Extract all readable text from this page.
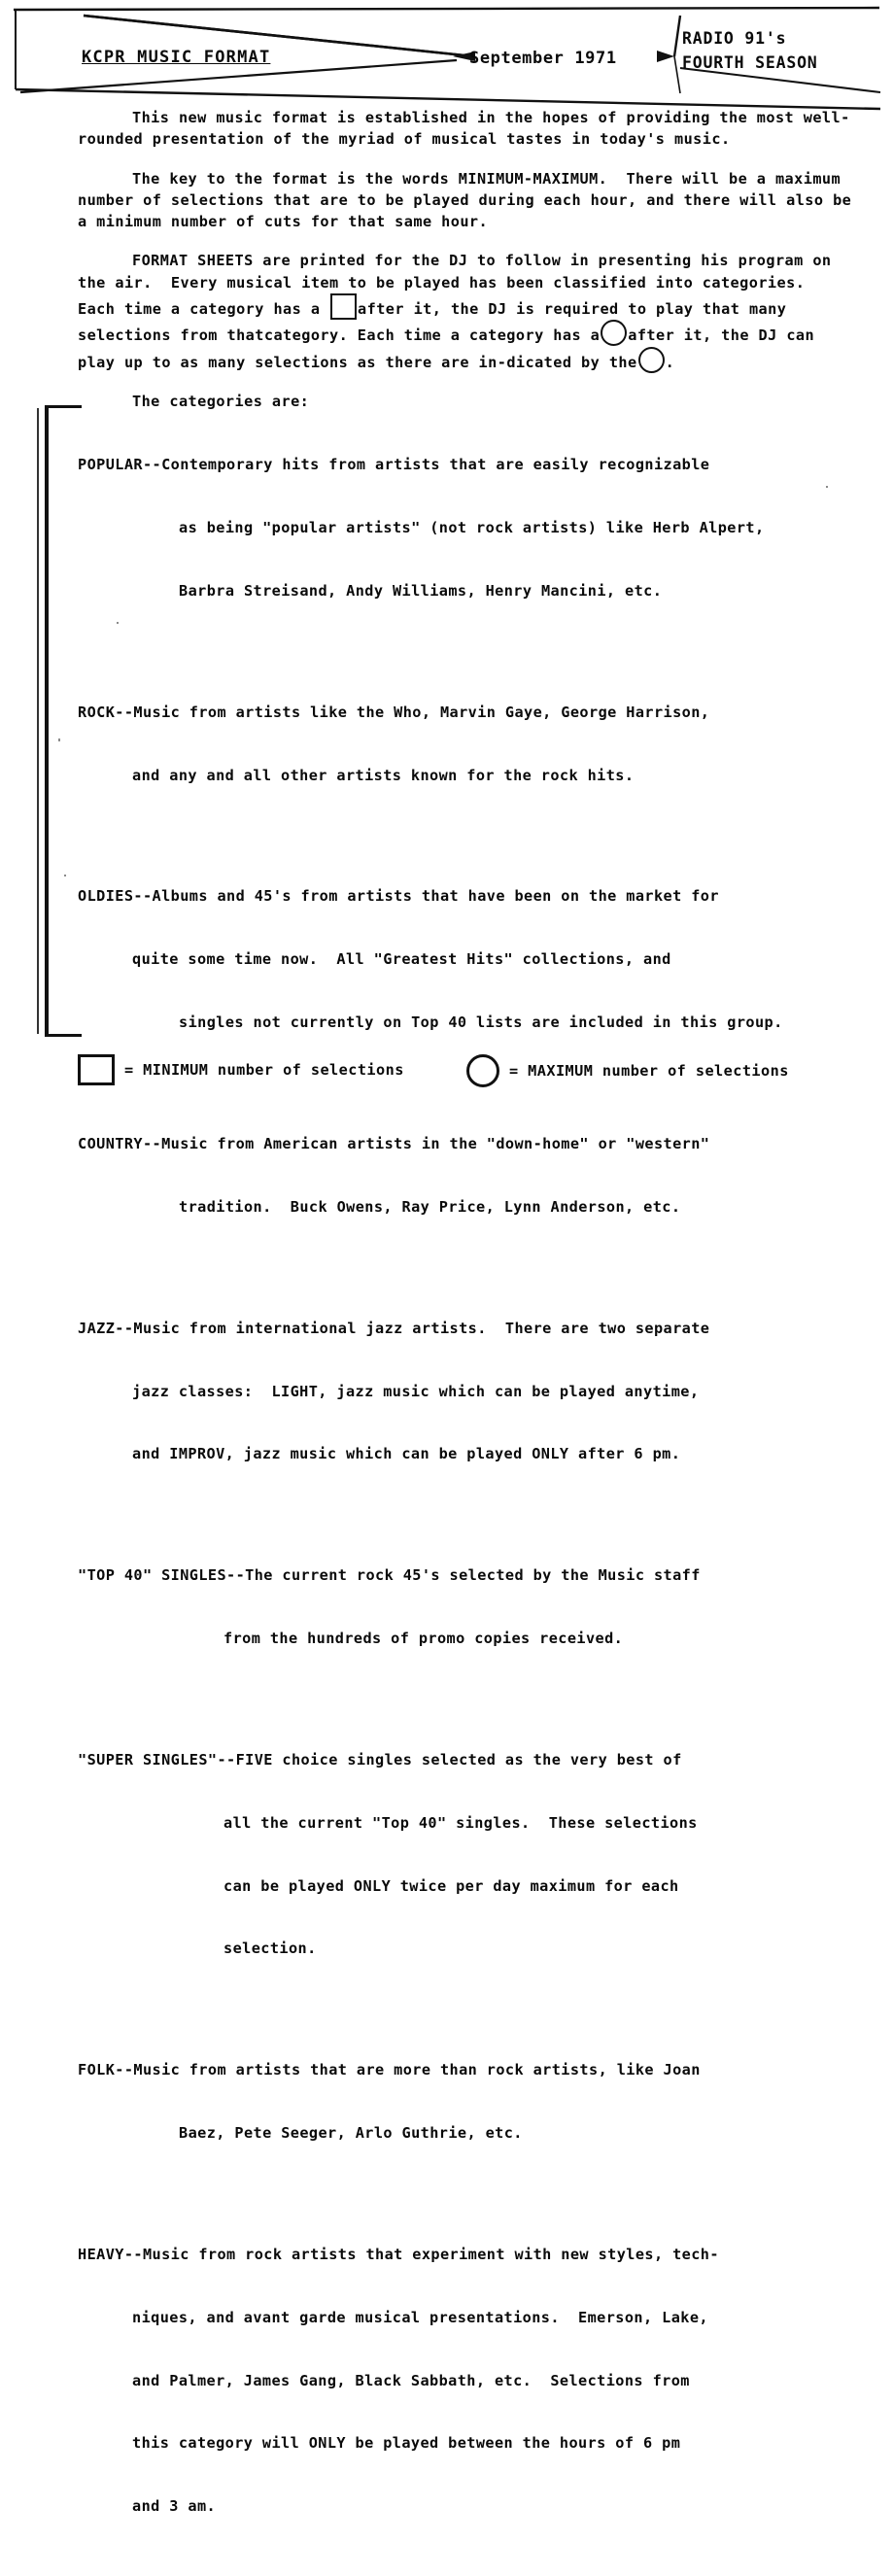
KCPR MUSIC FORMAT	September 1971
RADIO 91's
FOURTH SEASON

This new music format is established in the hopes of providing the most well-rounded presentation of the myriad of musical tastes in today's music.

The key to the format is the words MINIMUM-MAXIMUM.  There will be a maximum number of selections that are to be played during each hour, and there will also be a minimum number of cuts for that same hour.

FORMAT SHEETS are printed for the DJ to follow in presenting his program on the air.  Every musical item to be played has been classified into categories.  Each time a category has a after it, the DJ is required to play that many selections from thatcategory. Each time a category has a after it, the DJ can play up to as many selections as there are in-dicated by the .

The categories are:

POPULAR--Contemporary hits from artists that are easily recognizable

as being "popular artists" (not rock artists) like Herb Alpert,

Barbra Streisand, Andy Williams, Henry Mancini, etc.

ROCK--Music from artists like the Who, Marvin Gaye, George Harrison,

and any and all other artists known for the rock hits.

OLDIES--Albums and 45's from artists that have been on the market for

quite some time now.  All "Greatest Hits" collections, and

singles not currently on Top 40 lists are included in this group.

COUNTRY--Music from American artists in the "down-home" or "western"

tradition.  Buck Owens, Ray Price, Lynn Anderson, etc.

JAZZ--Music from international jazz artists.  There are two separate

jazz classes:  LIGHT, jazz music which can be played anytime,

and IMPROV, jazz music which can be played ONLY after 6 pm.

"TOP 40" SINGLES--The current rock 45's selected by the Music staff

from the hundreds of promo copies received.

"SUPER SINGLES"--FIVE choice singles selected as the very best of

all the current "Top 40" singles.  These selections

can be played ONLY twice per day maximum for each

selection.

FOLK--Music from artists that are more than rock artists, like Joan

Baez, Pete Seeger, Arlo Guthrie, etc.

HEAVY--Music from rock artists that experiment with new styles, tech-

niques, and avant garde musical presentations.  Emerson, Lake,

and Palmer, James Gang, Black Sabbath, etc.  Selections from

this category will ONLY be played between the hours of 6 pm

and 3 am.

= MINIMUM number of selections	= MAXIMUM number of selections
